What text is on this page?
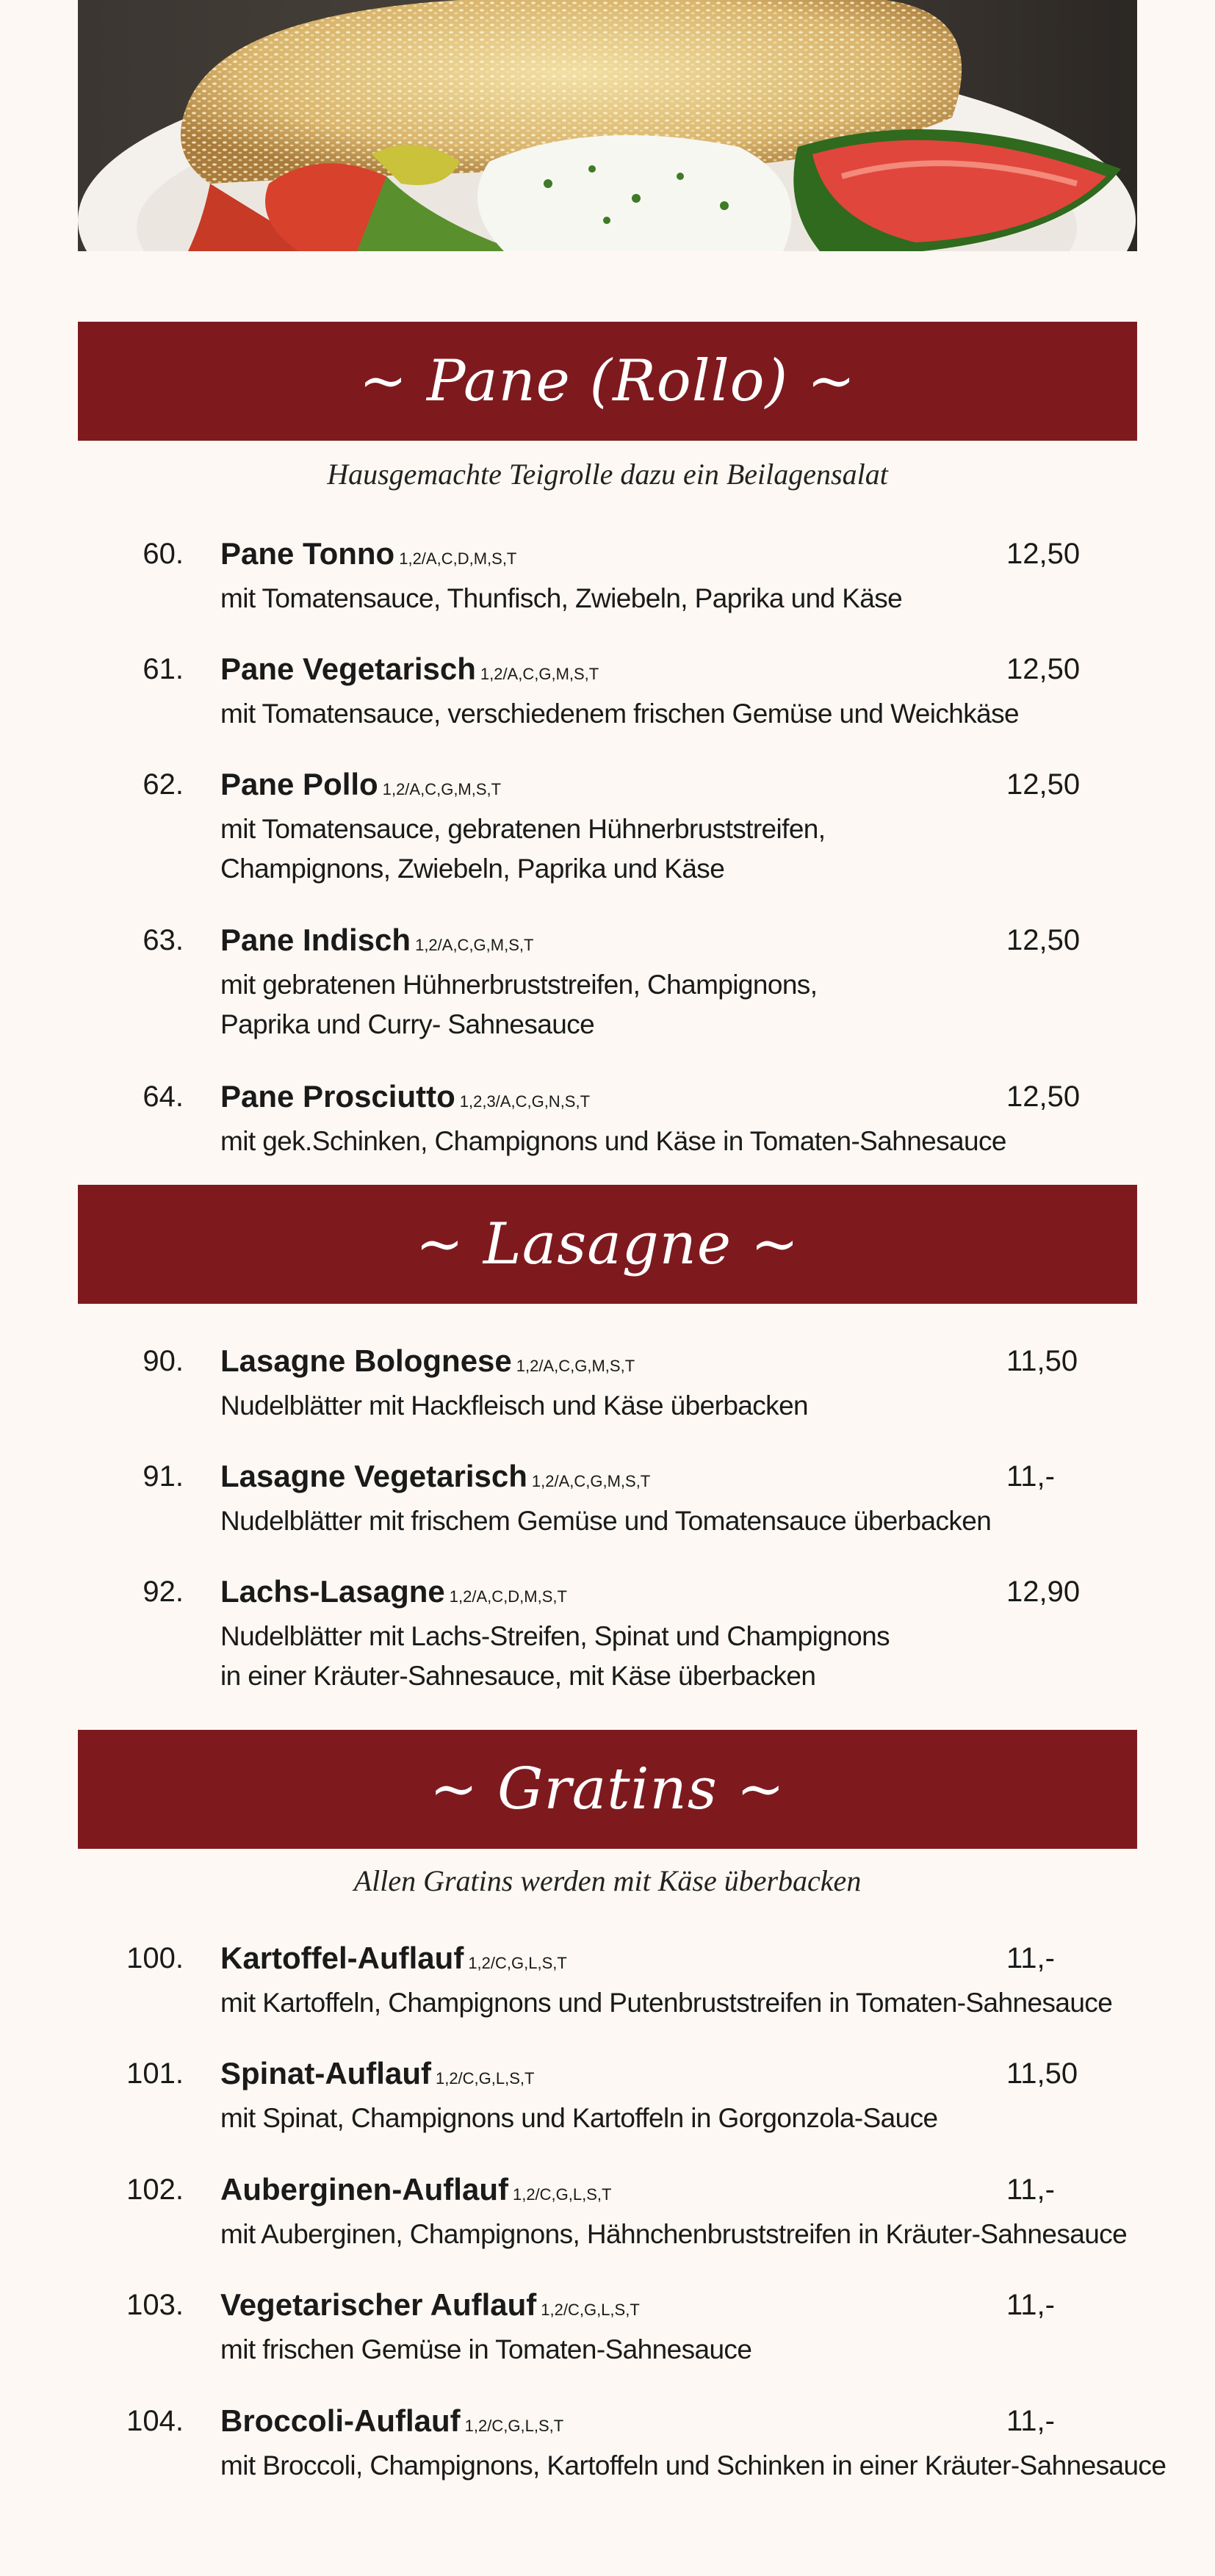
~ Pane (Rollo) ~
Hausgemachte Teigrolle dazu ein Beilagensalat
60. Pane Tonno 1,2/A,C,D,M,S,T
mit Tomatensauce, Thunfisch, Zwiebeln, Paprika und Käse
12,50
61. Pane Vegetarisch 1,2/A,C,G,M,S,T
mit Tomatensauce, verschiedenem frischen Gemüse und Weichkäse
12,50
62. Pane Pollo 1,2/A,C,G,M,S,T
mit Tomatensauce, gebratenen Hühnerbruststreifen,
Champignons, Zwiebeln, Paprika und Käse
12,50
63. Pane Indisch 1,2/A,C,G,M,S,T
mit gebratenen Hühnerbruststreifen, Champignons,
Paprika und Curry- Sahnesauce
12,50
64. Pane Prosciutto 1,2,3/A,C,G,N,S,T
mit gek.Schinken, Champignons und Käse in Tomaten-Sahnesauce
12,50
~ Lasagne ~
90. Lasagne Bolognese 1,2/A,C,G,M,S,T
Nudelblätter mit Hackfleisch und Käse überbacken
11,50
91. Lasagne Vegetarisch 1,2/A,C,G,M,S,T
Nudelblätter mit frischem Gemüse und Tomatensauce überbacken
11,-
92. Lachs-Lasagne 1,2/A,C,D,M,S,T
Nudelblätter mit Lachs-Streifen, Spinat und Champignons
in einer Kräuter-Sahnesauce, mit Käse überbacken
12,90
~ Gratins ~
Allen Gratins werden mit Käse überbacken
100. Kartoffel-Auflauf 1,2/C,G,L,S,T
mit Kartoffeln, Champignons und Putenbruststreifen in Tomaten-Sahnesauce
11,-
101. Spinat-Auflauf 1,2/C,G,L,S,T
mit Spinat, Champignons und Kartoffeln in Gorgonzola-Sauce
11,50
102. Auberginen-Auflauf 1,2/C,G,L,S,T
mit Auberginen, Champignons, Hähnchenbruststreifen in Kräuter-Sahnesauce
11,-
103. Vegetarischer Auflauf 1,2/C,G,L,S,T
mit frischen Gemüse in Tomaten-Sahnesauce
11,-
104. Broccoli-Auflauf 1,2/C,G,L,S,T
mit Broccoli, Champignons, Kartoffeln und Schinken in einer Kräuter-Sahnesauce
11,-
